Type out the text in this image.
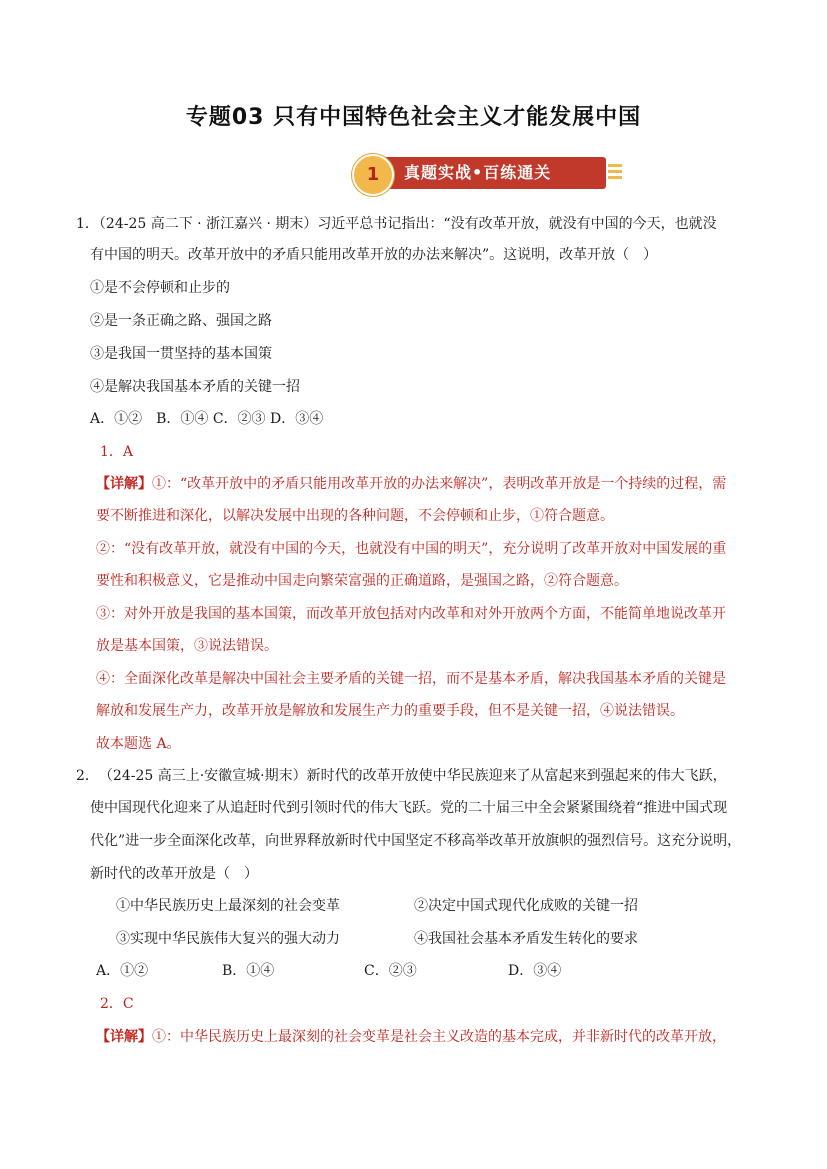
专题03 只有中国特色社会主义才能发展中国
1	真题实战•百练通关
1．（24-25 高二下 · 浙江嘉兴 · 期末）习近平总书记指出：“没有改革开放，就没有中国的今天，也就没
有中国的明天。改革开放中的矛盾只能用改革开放的办法来解决”。这说明，改革开放（　）
①是不会停顿和止步的
②是一条正确之路、强国之路
③是我国一贯坚持的基本国策
④是解决我国基本矛盾的关键一招
A．①②　B．①④ C．②③ D．③④
1．A
【详解】①：“改革开放中的矛盾只能用改革开放的办法来解决”，表明改革开放是一个持续的过程，需
要不断推进和深化，以解决发展中出现的各种问题，不会停顿和止步，①符合题意。
②：“没有改革开放，就没有中国的今天，也就没有中国的明天”，充分说明了改革开放对中国发展的重
要性和积极意义，它是推动中国走向繁荣富强的正确道路，是强国之路，②符合题意。
③：对外开放是我国的基本国策，而改革开放包括对内改革和对外开放两个方面，不能简单地说改革开
放是基本国策，③说法错误。
④：全面深化改革是解决中国社会主要矛盾的关键一招，而不是基本矛盾，解决我国基本矛盾的关键是
解放和发展生产力，改革开放是解放和发展生产力的重要手段，但不是关键一招，④说法错误。
故本题选 A。
2．　（24-25 高三上·安徽宣城·期末）新时代的改革开放使中华民族迎来了从富起来到强起来的伟大飞跃，
使中国现代化迎来了从追赶时代到引领时代的伟大飞跃。党的二十届三中全会紧紧围绕着“推进中国式现
代化”进一步全面深化改革，向世界释放新时代中国坚定不移高举改革开放旗帜的强烈信号。这充分说明，
新时代的改革开放是（　）
①中华民族历史上最深刻的社会变革	②决定中国式现代化成败的关键一招
③实现中华民族伟大复兴的强大动力	④我国社会基本矛盾发生转化的要求
A．①②	B．①④	C．②③	D．③④
2．C
【详解】①：中华民族历史上最深刻的社会变革是社会主义改造的基本完成，并非新时代的改革开放，
